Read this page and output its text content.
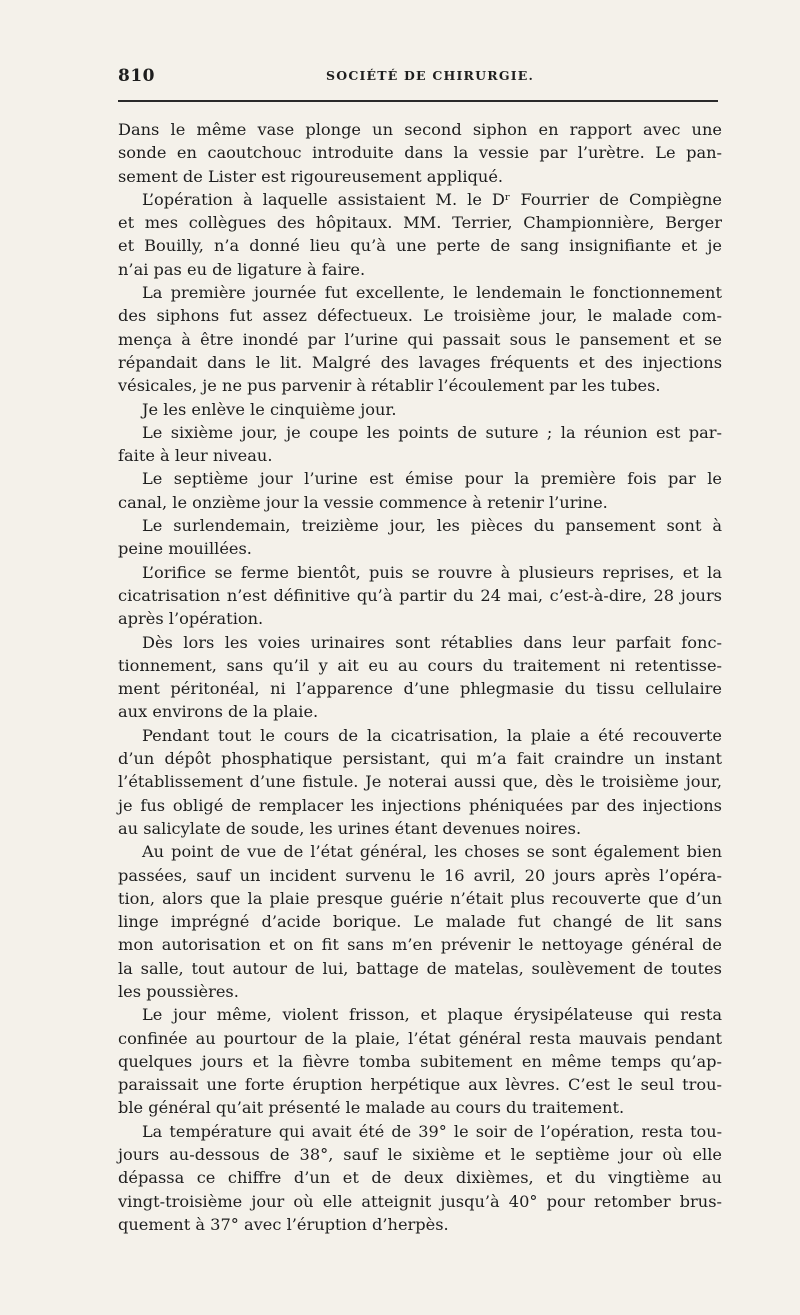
810	SOCIÉTÉ DE CHIRURGIE.

Dans le même vase plonge un second siphon en rapport avec une
sonde en caoutchouc introduite dans la vessie par l’urètre. Le pan-
sement de Lister est rigoureusement appliqué.

L’opération à laquelle assistaient M. le Dʳ Fourrier de Compiègne
et mes collègues des hôpitaux. MM. Terrier, Championnière, Berger
et Bouilly, n’a donné lieu qu’à une perte de sang insignifiante et je
n’ai pas eu de ligature à faire.

La première journée fut excellente, le lendemain le fonctionnement
des siphons fut assez défectueux. Le troisième jour, le malade com-
mença à être inondé par l’urine qui passait sous le pansement et se
répandait dans le lit. Malgré des lavages fréquents et des injections
vésicales, je ne pus parvenir à rétablir l’écoulement par les tubes.

Je les enlève le cinquième jour.

Le sixième jour, je coupe les points de suture ; la réunion est par-
faite à leur niveau.

Le septième jour l’urine est émise pour la première fois par le
canal, le onzième jour la vessie commence à retenir l’urine.

Le surlendemain, treizième jour, les pièces du pansement sont à
peine mouillées.

L’orifice se ferme bientôt, puis se rouvre à plusieurs reprises, et la
cicatrisation n’est définitive qu’à partir du 24 mai, c’est-à-dire, 28 jours
après l’opération.

Dès lors les voies urinaires sont rétablies dans leur parfait fonc-
tionnement, sans qu’il y ait eu au cours du traitement ni retentisse-
ment péritonéal, ni l’apparence d’une phlegmasie du tissu cellulaire
aux environs de la plaie.

Pendant tout le cours de la cicatrisation, la plaie a été recouverte
d’un dépôt phosphatique persistant, qui m’a fait craindre un instant
l’établissement d’une fistule. Je noterai aussi que, dès le troisième jour,
je fus obligé de remplacer les injections phéniquées par des injections
au salicylate de soude, les urines étant devenues noires.

Au point de vue de l’état général, les choses se sont également bien
passées, sauf un incident survenu le 16 avril, 20 jours après l’opéra-
tion, alors que la plaie presque guérie n’était plus recouverte que d’un
linge imprégné d’acide borique. Le malade fut changé de lit sans
mon autorisation et on fit sans m’en prévenir le nettoyage général de
la salle, tout autour de lui, battage de matelas, soulèvement de toutes
les poussières.

Le jour même, violent frisson, et plaque érysipélateuse qui resta
confinée au pourtour de la plaie, l’état général resta mauvais pendant
quelques jours et la fièvre tomba subitement en même temps qu’ap-
paraissait une forte éruption herpétique aux lèvres. C’est le seul trou-
ble général qu’ait présenté le malade au cours du traitement.

La température qui avait été de 39° le soir de l’opération, resta tou-
jours au-dessous de 38°, sauf le sixième et le septième jour où elle
dépassa ce chiffre d’un et de deux dixièmes, et du vingtième au
vingt-troisième jour où elle atteignit jusqu’à 40° pour retomber brus-
quement à 37° avec l’éruption d’herpès.
